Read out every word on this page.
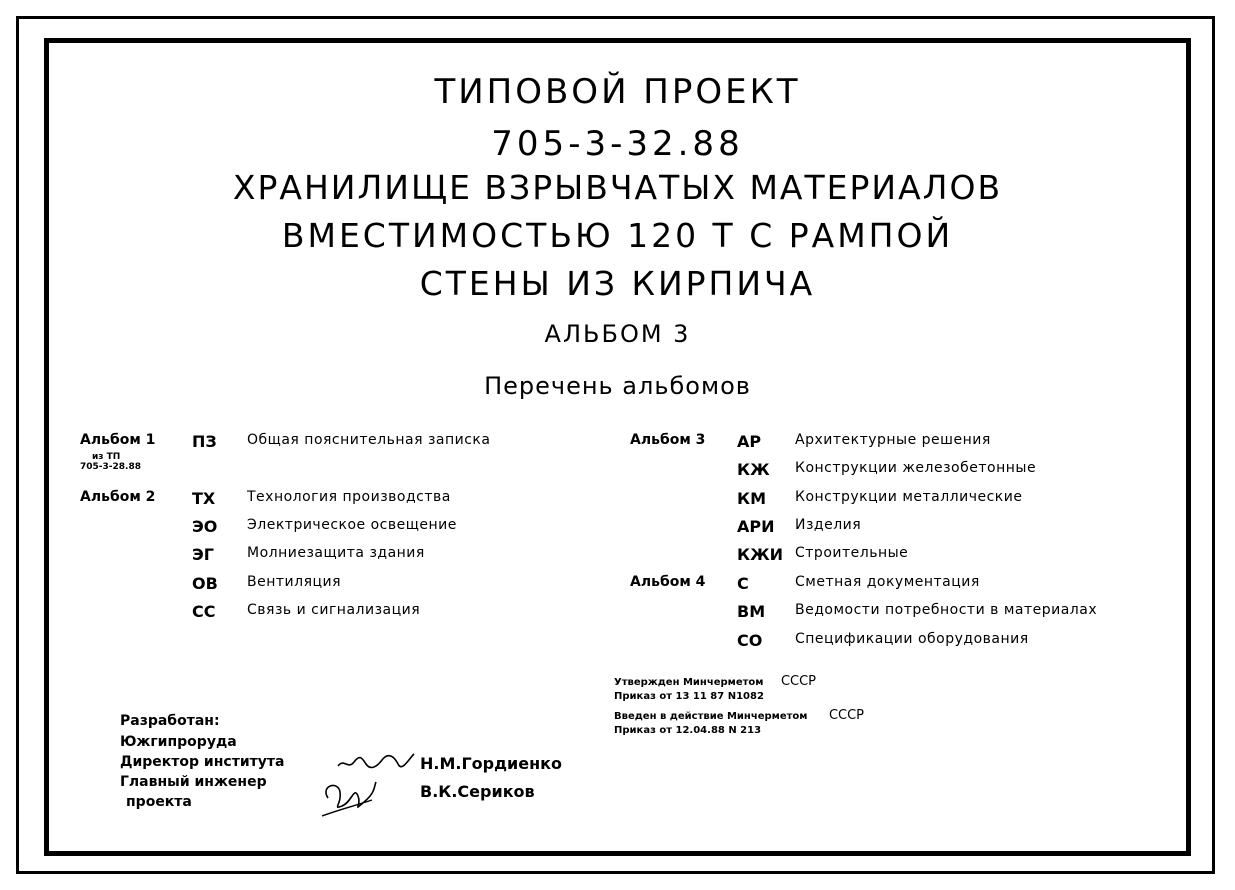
ТИПОВОЙ ПРОЕКТ
705-3-32.88
ХРАНИЛИЩЕ ВЗРЫВЧАТЫХ МАТЕРИАЛОВ
ВМЕСТИМОСТЬЮ 120 Т С РАМПОЙ
СТЕНЫ ИЗ КИРПИЧА
АЛЬБОМ 3
Перечень альбомов
Альбом 1 ПЗ Общая пояснительная записка
из ТП
705-3-28.88
Альбом 2 ТХ Технология производства
ЭО Электрическое освещение
ЭГ Молниезащита здания
ОВ Вентиляция
СС Связь и сигнализация
Альбом 3 АР Архитектурные решения
КЖ Конструкции железобетонные
КМ Конструкции металлические
АРИ Изделия
КЖИ Строительные
Альбом 4 С	Сметная документация
ВМ Ведомости потребности в материалах
СО Спецификации оборудования
Утвержден Минчерметом СССР
Приказ от 13 11 87 N1082
Введен в действие Минчерметом СССР
Приказ от 12.04.88 N 213
Разработан:
Южгипроруда
Директор института	Н.М.Гордиенко
Главный инженер
проекта
В.К.Сериков
